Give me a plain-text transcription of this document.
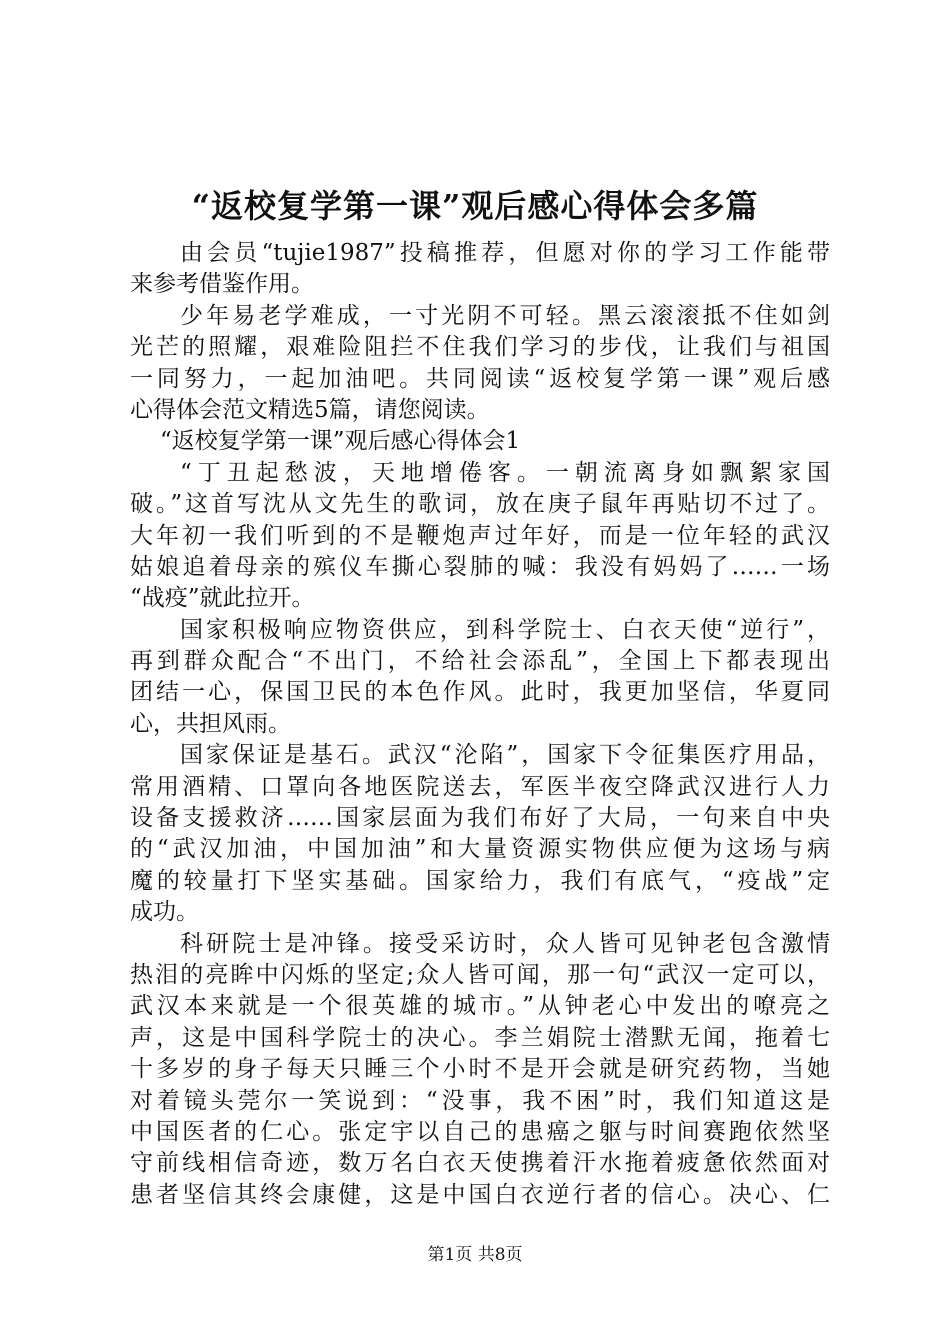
“返校复学第一课”观后感心得体会多篇
由会员“tujie1987”投稿推荐，但愿对你的学习工作能带
来参考借鉴作用。
少年易老学难成，一寸光阴不可轻。黑云滚滚抵不住如剑
光芒的照耀，艰难险阻拦不住我们学习的步伐，让我们与祖国
一同努力，一起加油吧。共同阅读“返校复学第一课”观后感
心得体会范文精选5篇，请您阅读。
“返校复学第一课”观后感心得体会1
“丁丑起愁波，天地增倦客。一朝流离身如飘絮家国
破。”这首写沈从文先生的歌词，放在庚子鼠年再贴切不过了。
大年初一我们听到的不是鞭炮声过年好，而是一位年轻的武汉
姑娘追着母亲的殡仪车撕心裂肺的喊：我没有妈妈了……一场
“战疫”就此拉开。
国家积极响应物资供应，到科学院士、白衣天使“逆行”，
再到群众配合“不出门，不给社会添乱”，全国上下都表现出
团结一心，保国卫民的本色作风。此时，我更加坚信，华夏同
心，共担风雨。
国家保证是基石。武汉“沦陷”，国家下令征集医疗用品，
常用酒精、口罩向各地医院送去，军医半夜空降武汉进行人力
设备支援救济……国家层面为我们布好了大局，一句来自中央
的“武汉加油，中国加油”和大量资源实物供应便为这场与病
魔的较量打下坚实基础。国家给力，我们有底气，“疫战”定
成功。
科研院士是冲锋。接受采访时，众人皆可见钟老包含激情
热泪的亮眸中闪烁的坚定;众人皆可闻，那一句“武汉一定可以，
武汉本来就是一个很英雄的城市。”从钟老心中发出的嘹亮之
声，这是中国科学院士的决心。李兰娟院士潜默无闻，拖着七
十多岁的身子每天只睡三个小时不是开会就是研究药物，当她
对着镜头莞尔一笑说到：“没事，我不困”时，我们知道这是
中国医者的仁心。张定宇以自己的患癌之躯与时间赛跑依然坚
守前线相信奇迹，数万名白衣天使携着汗水拖着疲惫依然面对
患者坚信其终会康健，这是中国白衣逆行者的信心。决心、仁
第1页 共8页
